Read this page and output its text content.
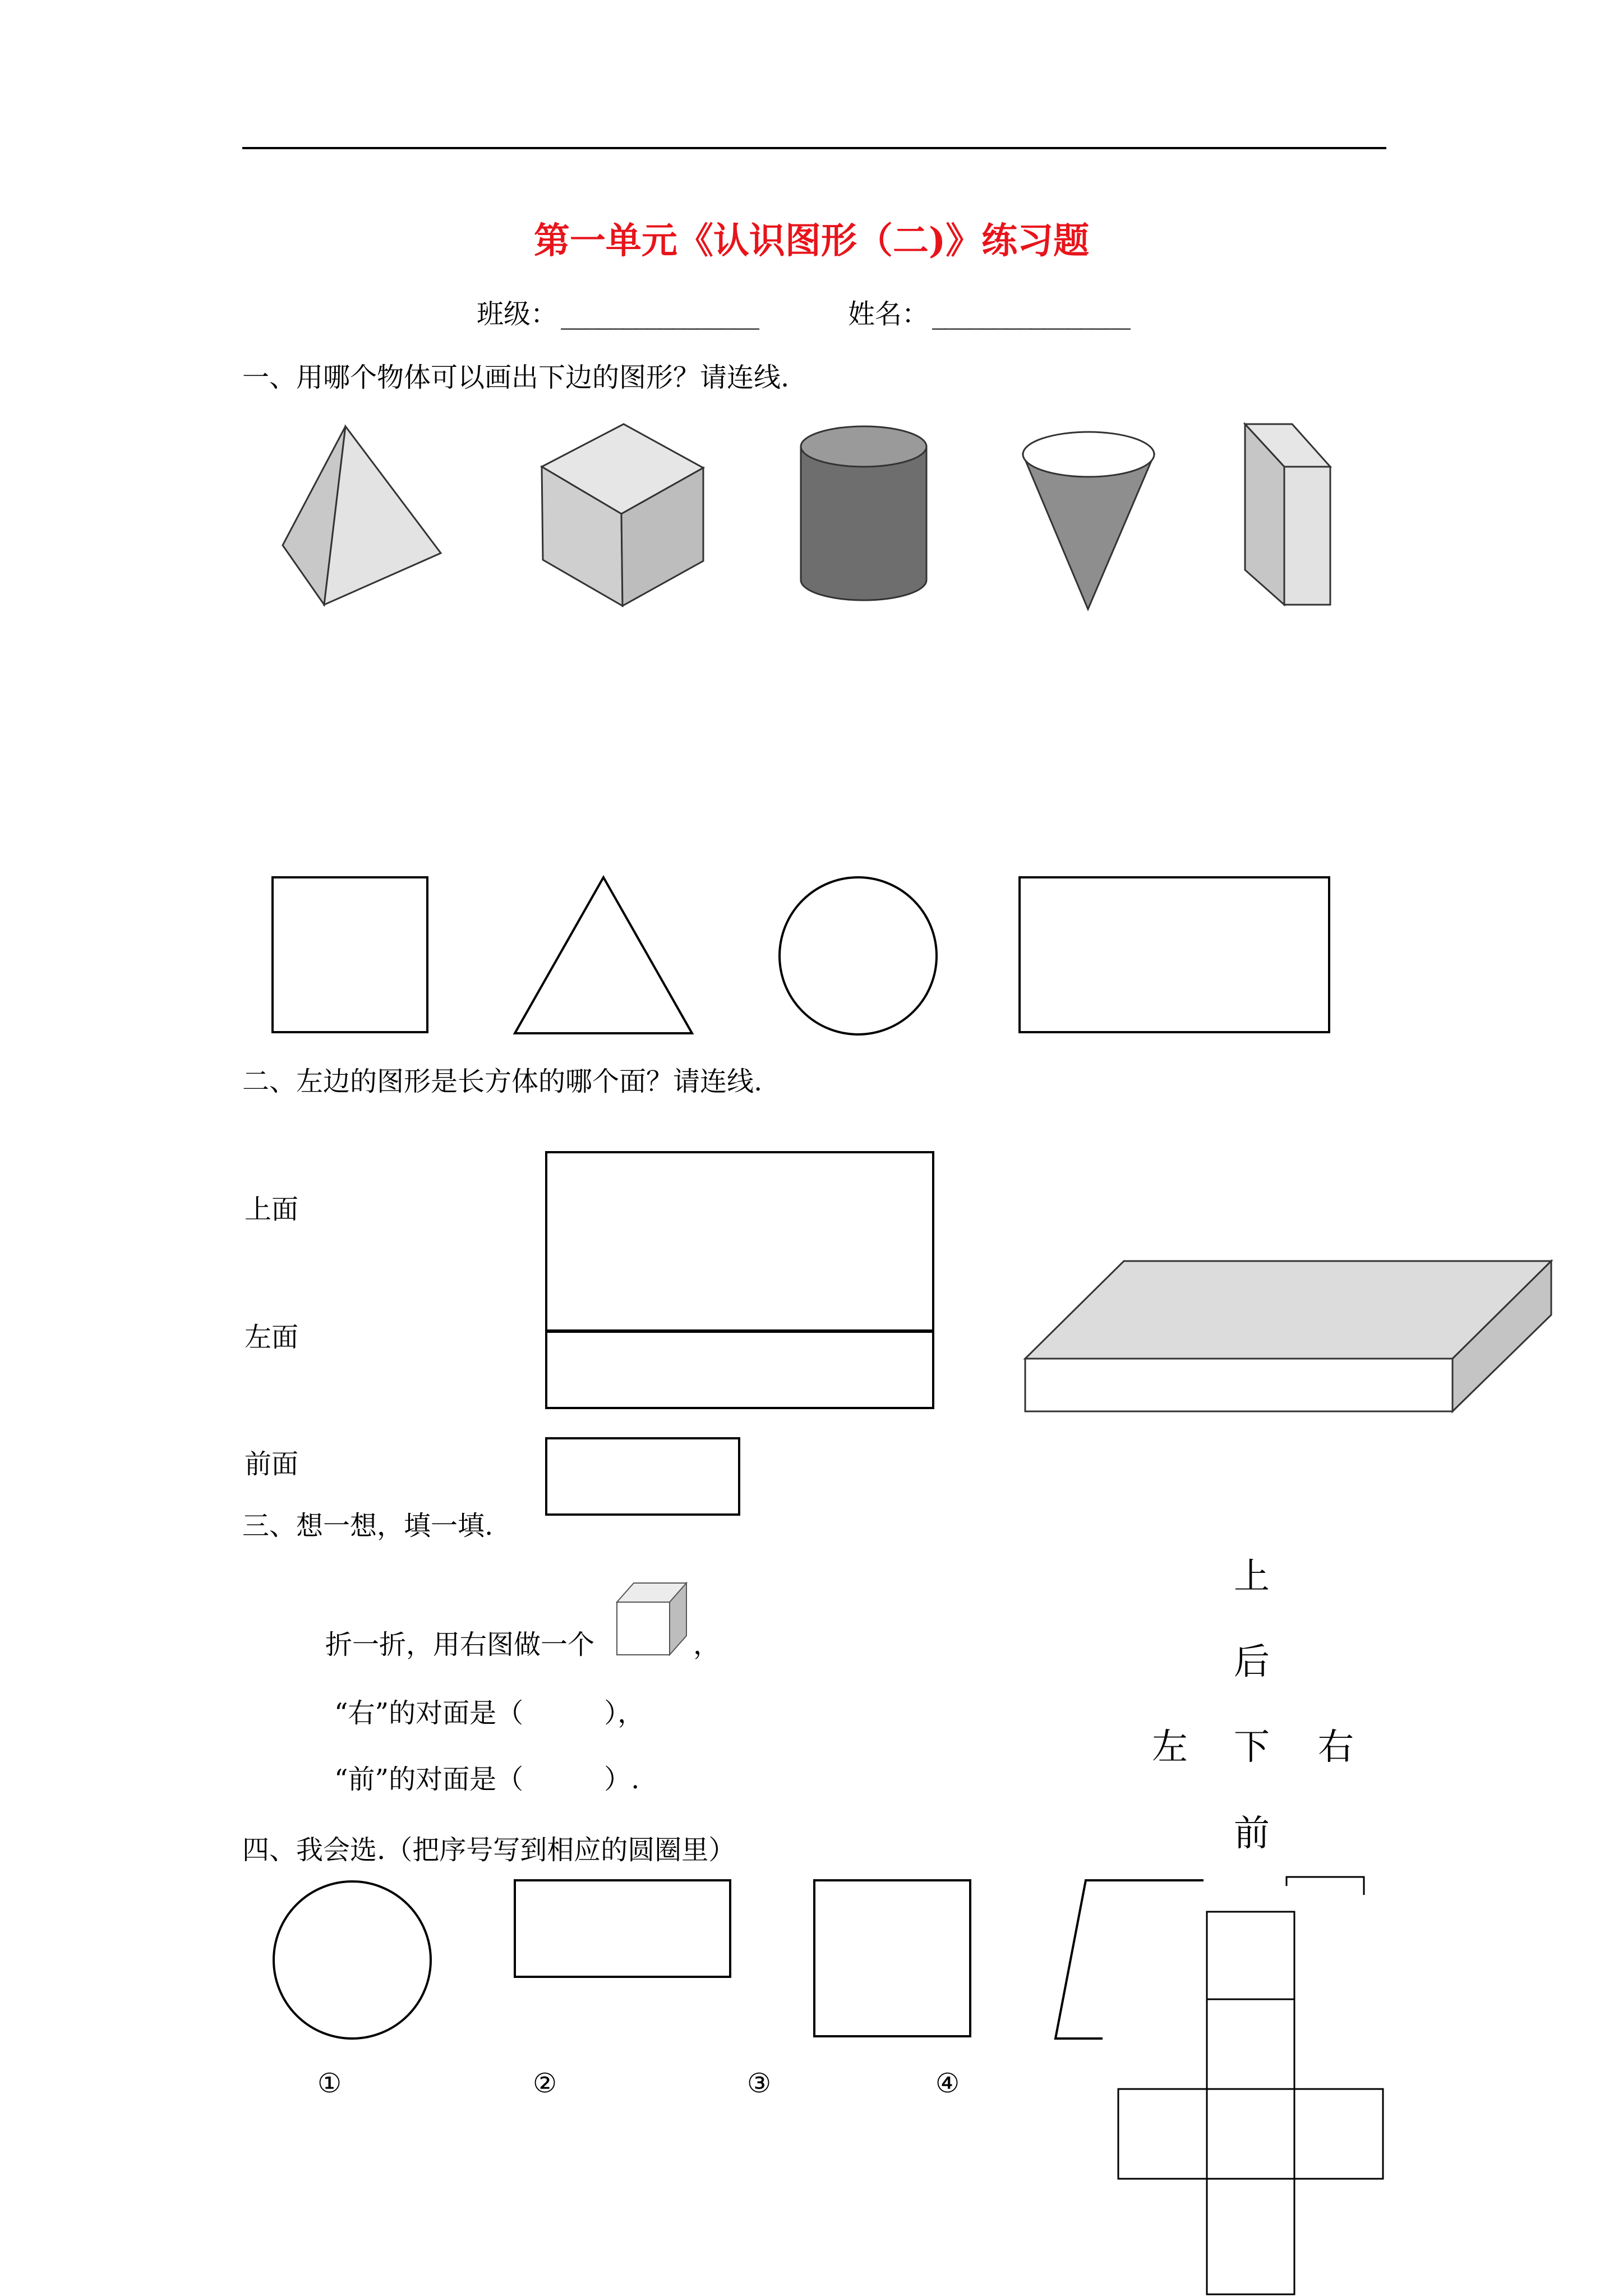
第一单元《认识图形（二)》练习题
班级： ________________	姓名： ________________
一、用哪个物体可以画出下边的图形？请连线.
二、左边的图形是长方体的哪个面？请连线.
上面
左面
前面
三、想一想，填一填.
折一折，用右图做一个	，
“右”的对面是（　　　），
“前”的对面是（　　　）.
上
后
左 下 右
前
四、我会选.（把序号写到相应的圆圈里）
①	②	③	④
